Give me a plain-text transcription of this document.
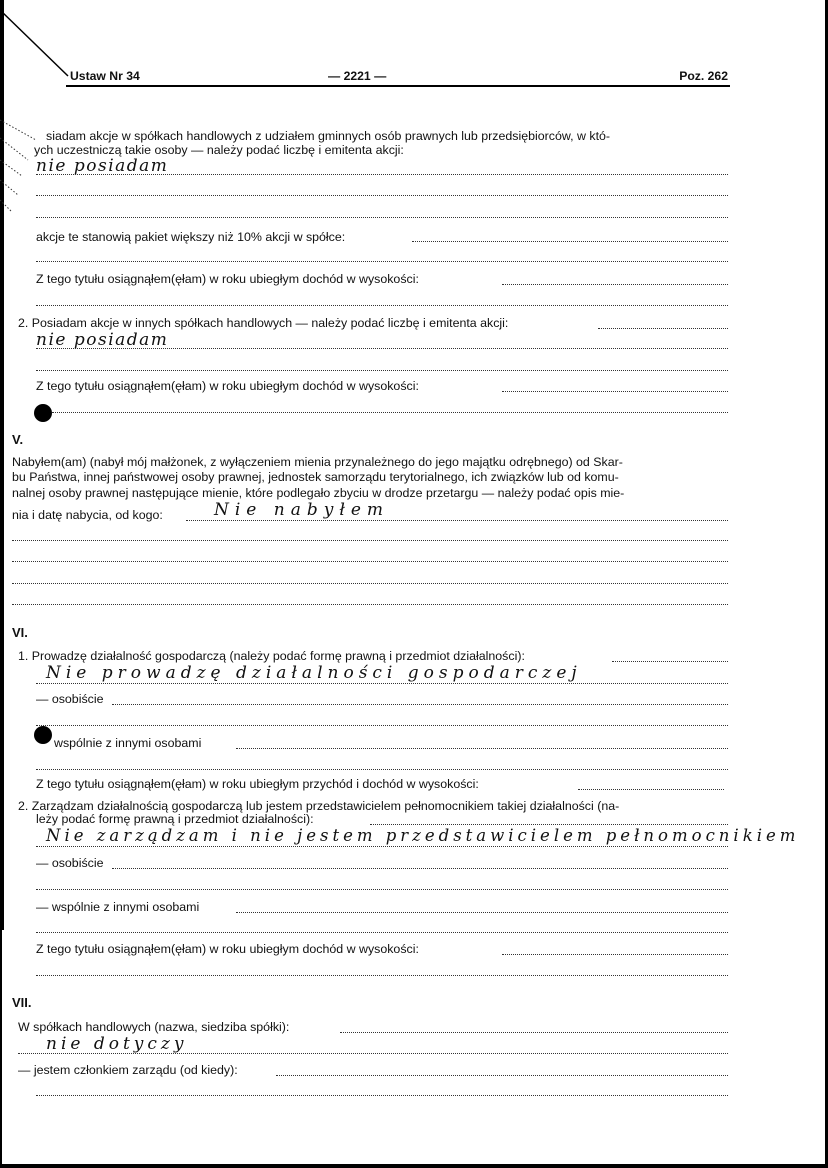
Ustaw Nr 34	— 2221 —	Poz. 262
siadam akcje w spółkach handlowych z udziałem gminnych osób prawnych lub przedsiębiorców, w któ-
ych uczestniczą takie osoby — należy podać liczbę i emitenta akcji:
nie posiadam
akcje te stanowią pakiet większy niż 10% akcji w spółce:
Z tego tytułu osiągnąłem(ęłam) w roku ubiegłym dochód w wysokości:
2. Posiadam akcje w innych spółkach handlowych — należy podać liczbę i emitenta akcji:
nie posiadam
Z tego tytułu osiągnąłem(ęłam) w roku ubiegłym dochód w wysokości:
V.
Nabyłem(am) (nabył mój małżonek, z wyłączeniem mienia przynależnego do jego majątku odrębnego) od Skar-
bu Państwa, innej państwowej osoby prawnej, jednostek samorządu terytorialnego, ich związków lub od komu-
nalnej osoby prawnej następujące mienie, które podlegało zbyciu w drodze przetargu — należy podać opis mie-
nia i datę nabycia, od kogo:	Nie nabyłem
VI.
1. Prowadzę działalność gospodarczą (należy podać formę prawną i przedmiot działalności):
Nie prowadzę działalności gospodarczej
— osobiście
wspólnie z innymi osobami
Z tego tytułu osiągnąłem(ęłam) w roku ubiegłym przychód i dochód w wysokości:
2. Zarządzam działalnością gospodarczą lub jestem przedstawicielem pełnomocnikiem takiej działalności (na-
leży podać formę prawną i przedmiot działalności):
Nie zarządzam i nie jestem przedstawicielem pełnomocnikiem
— osobiście
— wspólnie z innymi osobami
Z tego tytułu osiągnąłem(ęłam) w roku ubiegłym dochód w wysokości:
VII.
W spółkach handlowych (nazwa, siedziba spółki):
nie dotyczy
— jestem członkiem zarządu (od kiedy):
